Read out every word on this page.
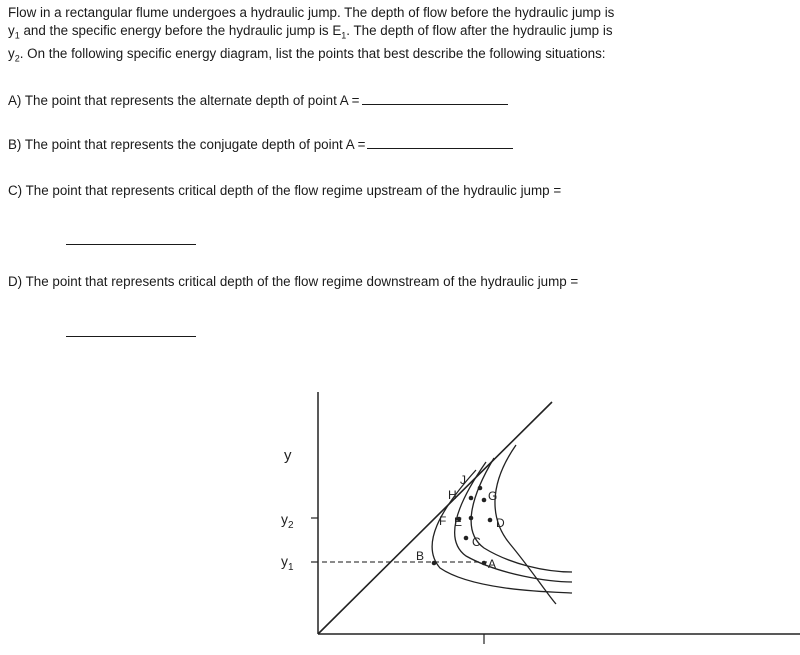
Flow in a rectangular flume undergoes a hydraulic jump. The depth of flow before the hydraulic jump is
$y_1$ and the specific energy before the hydraulic jump is $E_1$. The depth of flow after the hydraulic jump is
$y_2$. On the following specific energy diagram, list the points that best describe the following situations:

A) The point that represents the alternate depth of point A =

B) The point that represents the conjugate depth of point A =

C) The point that represents critical depth of the flow regime upstream of the hydraulic jump =

D) The point that represents critical depth of the flow regime downstream of the hydraulic jump =

J
H	G
F E	D
C
B
A
y
$y_2$
$y_1$
